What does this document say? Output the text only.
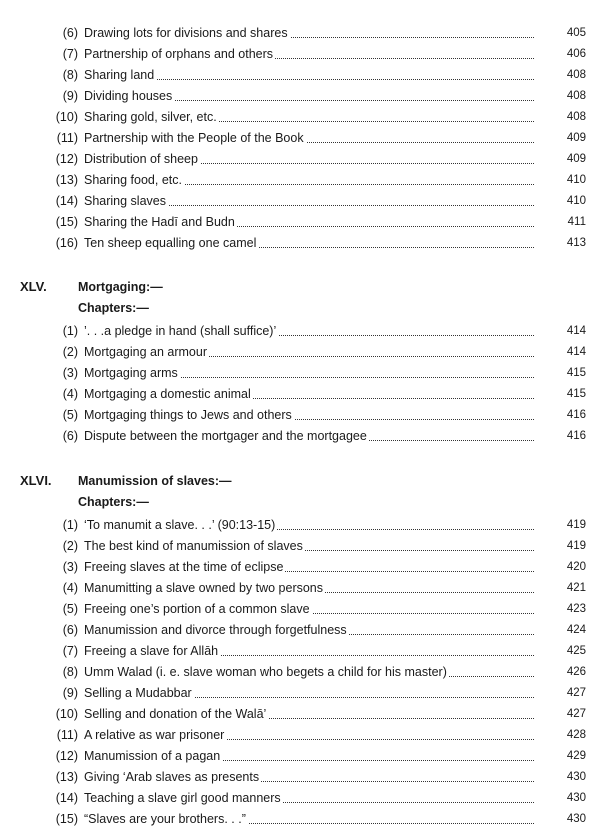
(6) Drawing lots for divisions and shares	405
(7) Partnership of orphans and others	406
(8) Sharing land	408
(9) Dividing houses	408
(10) Sharing gold, silver, etc.	408
(11) Partnership with the People of the Book	409
(12) Distribution of sheep	409
(13) Sharing food, etc.	410
(14) Sharing slaves	410
(15) Sharing the Hadī and Budn	411
(16) Ten sheep equalling one camel	413
XLV.	Mortgaging:—
Chapters:—
(1) ’. . .a pledge in hand (shall suffice)’	414
(2) Mortgaging an armour	414
(3) Mortgaging arms	415
(4) Mortgaging a domestic animal	415
(5) Mortgaging things to Jews and others	416
(6) Dispute between the mortgager and the mortgagee	416
XLVI.	Manumission of slaves:—
Chapters:—
(1) ‘To manumit a slave. . .’ (90:13-15)	419
(2) The best kind of manumission of slaves	419
(3) Freeing slaves at the time of eclipse	420
(4) Manumitting a slave owned by two persons	421
(5) Freeing one’s portion of a common slave	423
(6) Manumission and divorce through forgetfulness	424
(7) Freeing a slave for Allāh	425
(8) Umm Walad (i. e. slave woman who begets a child for his master)	426
(9) Selling a Mudabbar	427
(10) Selling and donation of the Walā’	427
(11) A relative as war prisoner	428
(12) Manumission of a pagan	429
(13) Giving ‘Arab slaves as presents	430
(14) Teaching a slave girl good manners	430
(15) “Slaves are your brothers. . .”	430
